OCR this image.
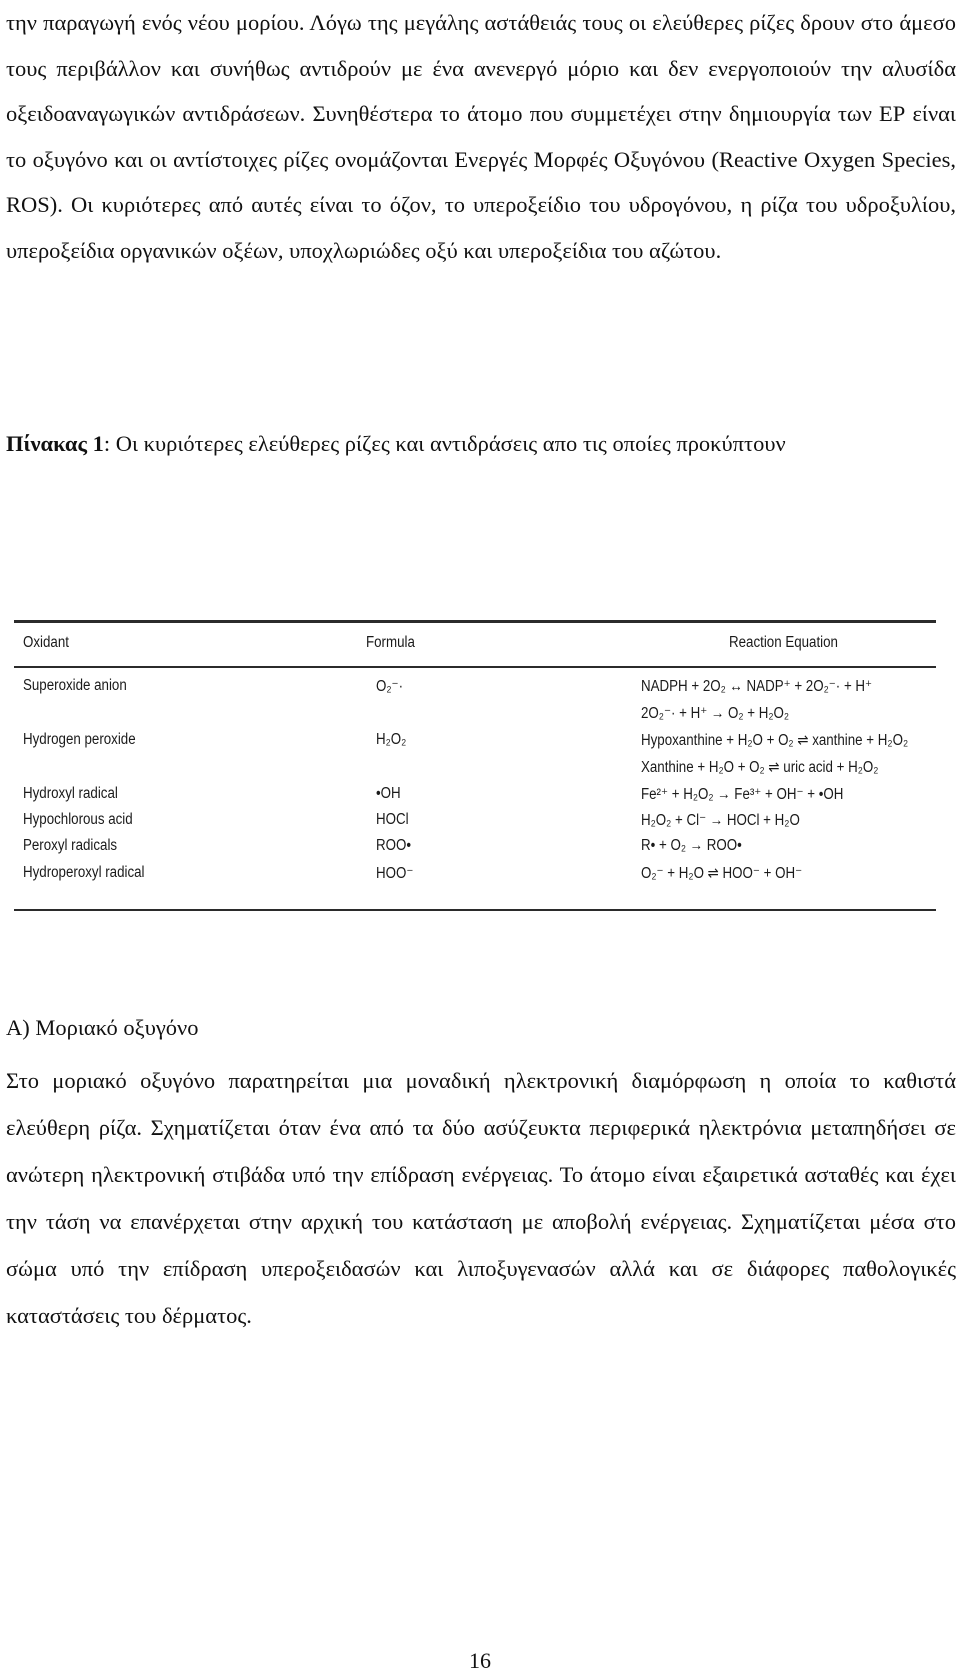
την παραγωγή ενός νέου μορίου. Λόγω της μεγάλης αστάθειάς τους οι ελεύθερες ρίζες δρουν στο άμεσο τους περιβάλλον και συνήθως αντιδρούν με ένα ανενεργό μόριο και δεν ενεργοποιούν την αλυσίδα οξειδοαναγωγικών αντιδράσεων. Συνηθέστερα το άτομο που συμμετέχει στην δημιουργία των ΕΡ είναι το οξυγόνο και οι αντίστοιχες ρίζες ονομάζονται Ενεργές Μορφές Οξυγόνου (Reactive Oxygen Species, ROS). Οι κυριότερες από αυτές είναι το όζον, το υπεροξείδιο του υδρογόνου, η ρίζα του υδροξυλίου, υπεροξείδια οργανικών οξέων, υποχλωριώδες οξύ και υπεροξείδια του αζώτου.

Πίνακας 1: Οι κυριότερες ελεύθερες ρίζες και αντιδράσεις απο τις οποίες προκύπτουν

Oxidant	Formula	Reaction Equation
Superoxide anion	O₂⁻·	NADPH + 2O₂ ↔ NADP⁺ + 2O₂⁻· + H⁺
2O₂⁻· + H⁺ → O₂ + H₂O₂
Hydrogen peroxide	H₂O₂	Hypoxanthine + H₂O + O₂ ⇌ xanthine + H₂O₂
Xanthine + H₂O + O₂ ⇌ uric acid + H₂O₂
Hydroxyl radical	•OH	Fe²⁺ + H₂O₂ → Fe³⁺ + OH⁻ + •OH
Hypochlorous acid	HOCl	H₂O₂ + Cl⁻ → HOCl + H₂O
Peroxyl radicals	ROO•	R• + O₂ → ROO•
Hydroperoxyl radical	HOO⁻	O₂⁻ + H₂O ⇌ HOO⁻ + OH⁻

Α) Μοριακό οξυγόνο

Στο μοριακό οξυγόνο παρατηρείται μια μοναδική ηλεκτρονική διαμόρφωση η οποία το καθιστά ελεύθερη ρίζα. Σχηματίζεται όταν ένα από τα δύο ασύζευκτα περιφερικά ηλεκτρόνια μεταπηδήσει σε ανώτερη ηλεκτρονική στιβάδα υπό την επίδραση ενέργειας. Το άτομο είναι εξαιρετικά ασταθές και έχει την τάση να επανέρχεται στην αρχική του κατάσταση με αποβολή ενέργειας. Σχηματίζεται μέσα στο σώμα υπό την επίδραση υπεροξειδασών και λιποξυγενασών αλλά και σε διάφορες παθολογικές καταστάσεις του δέρματος.

16
